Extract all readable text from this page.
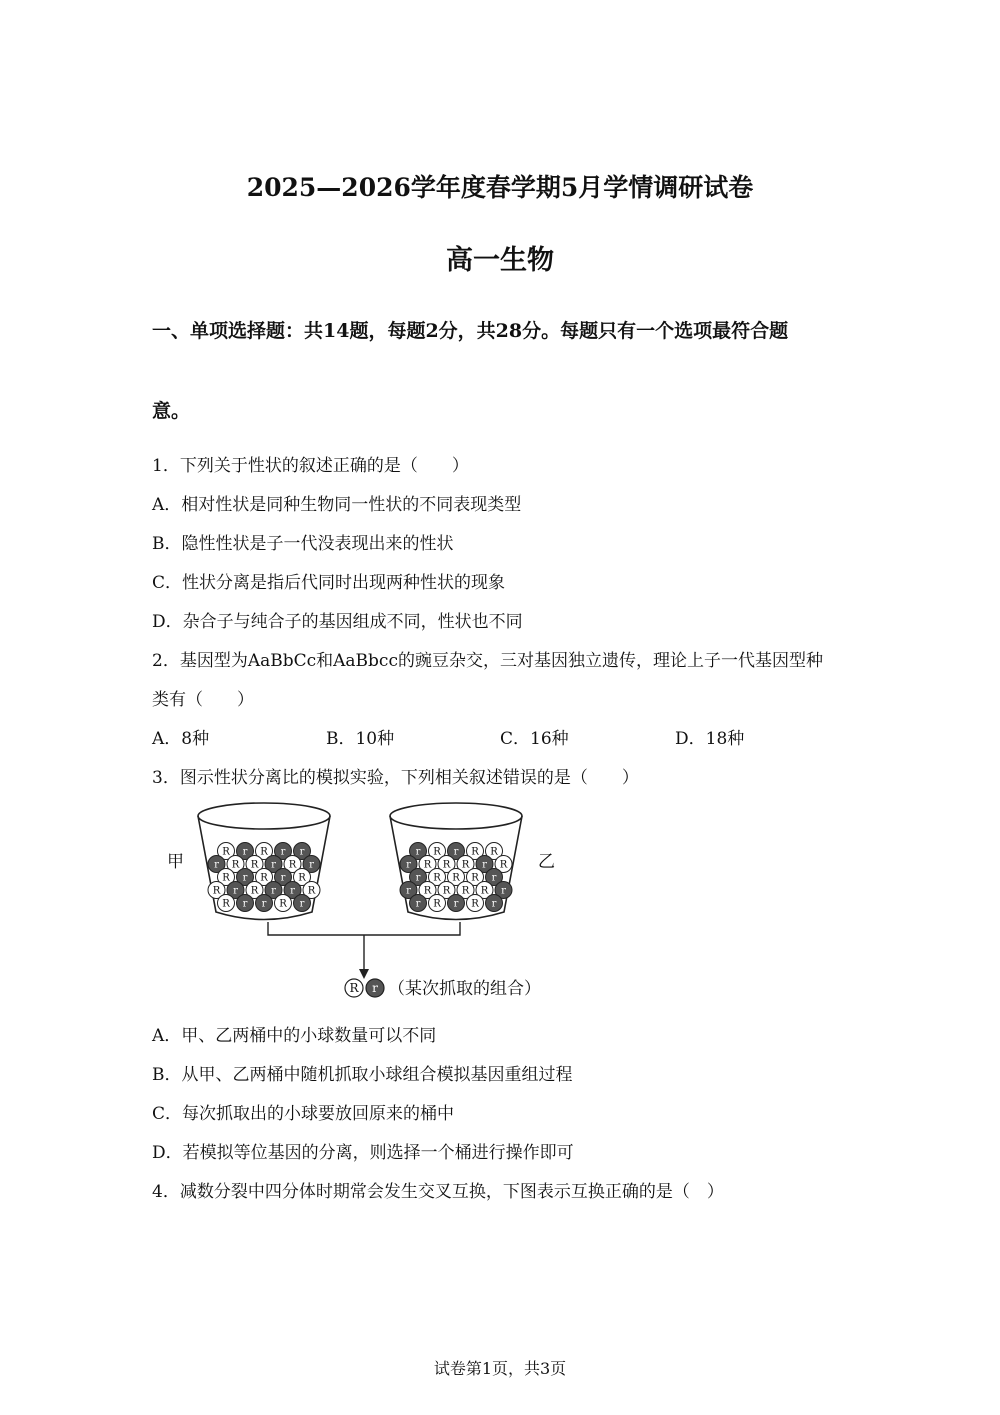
2025—2026学年度春学期5月学情调研试卷
高一生物
一、单项选择题：共14题，每题2分，共28分。每题只有一个选项最符合题
意。
1．下列关于性状的叙述正确的是（　　）
A．相对性状是同种生物同一性状的不同表现类型
B．隐性性状是子一代没表现出来的性状
C．性状分离是指后代同时出现两种性状的现象
D．杂合子与纯合子的基因组成不同，性状也不同
2．基因型为AaBbCc和AaBbcc的豌豆杂交，三对基因独立遗传，理论上子一代基因型种
类有（　　）
A．8种	B．10种	C．16种	D．18种
3．图示性状分离比的模拟实验，下列相关叙述错误的是（　　）
甲	乙
R r R r r
r R R r R r
R r R r R
R r R r r R
R r r R r
r R r R R
r R R R r R
r R R R r
r R R R R r
r R r R r
R r （某次抓取的组合）
A．甲、乙两桶中的小球数量可以不同
B．从甲、乙两桶中随机抓取小球组合模拟基因重组过程
C．每次抓取出的小球要放回原来的桶中
D．若模拟等位基因的分离，则选择一个桶进行操作即可
4．减数分裂中四分体时期常会发生交叉互换，下图表示互换正确的是（　）
试卷第1页，共3页
